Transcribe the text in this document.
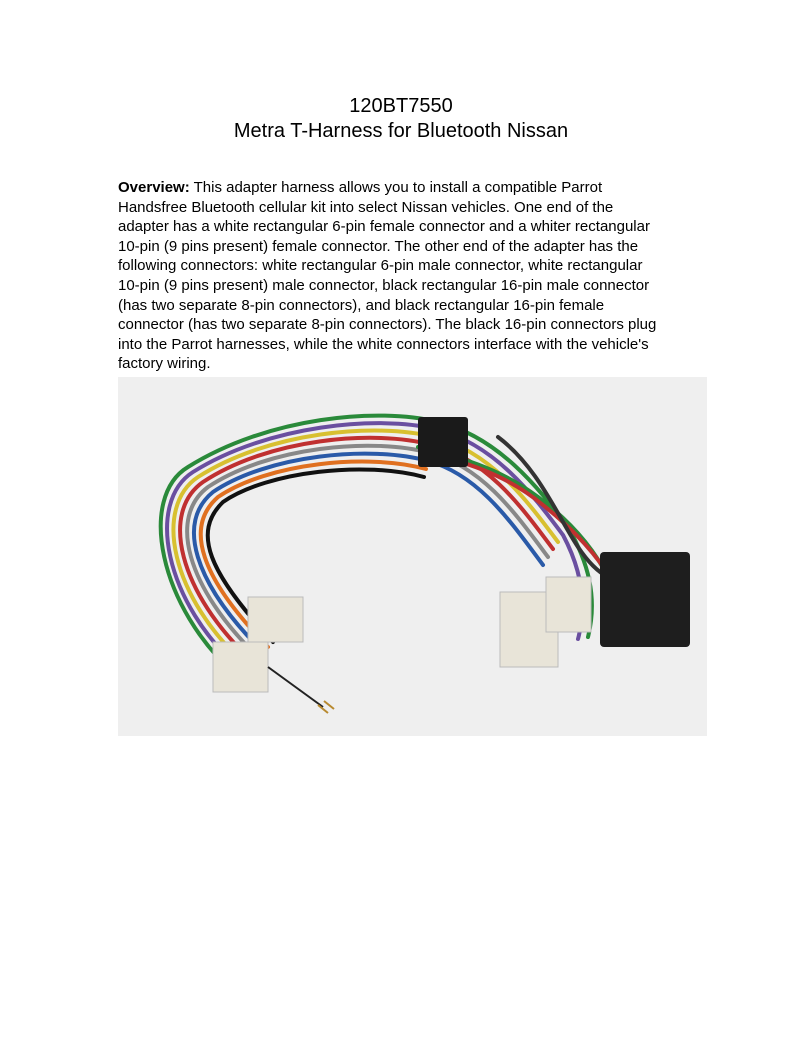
120BT7550
Metra T-Harness for Bluetooth Nissan
Overview: This adapter harness allows you to install a compatible Parrot
Handsfree Bluetooth cellular kit into select Nissan vehicles. One end of the
adapter has a white rectangular 6-pin female connector and a whiter rectangular
10-pin (9 pins present) female connector. The other end of the adapter has the
following connectors: white rectangular 6-pin male connector, white rectangular
10-pin (9 pins present) male connector, black rectangular 16-pin male connector
(has two separate 8-pin connectors), and black rectangular 16-pin female
connector (has two separate 8-pin connectors). The black 16-pin connectors plug
into the Parrot harnesses, while the white connectors interface with the vehicle's
factory wiring.
